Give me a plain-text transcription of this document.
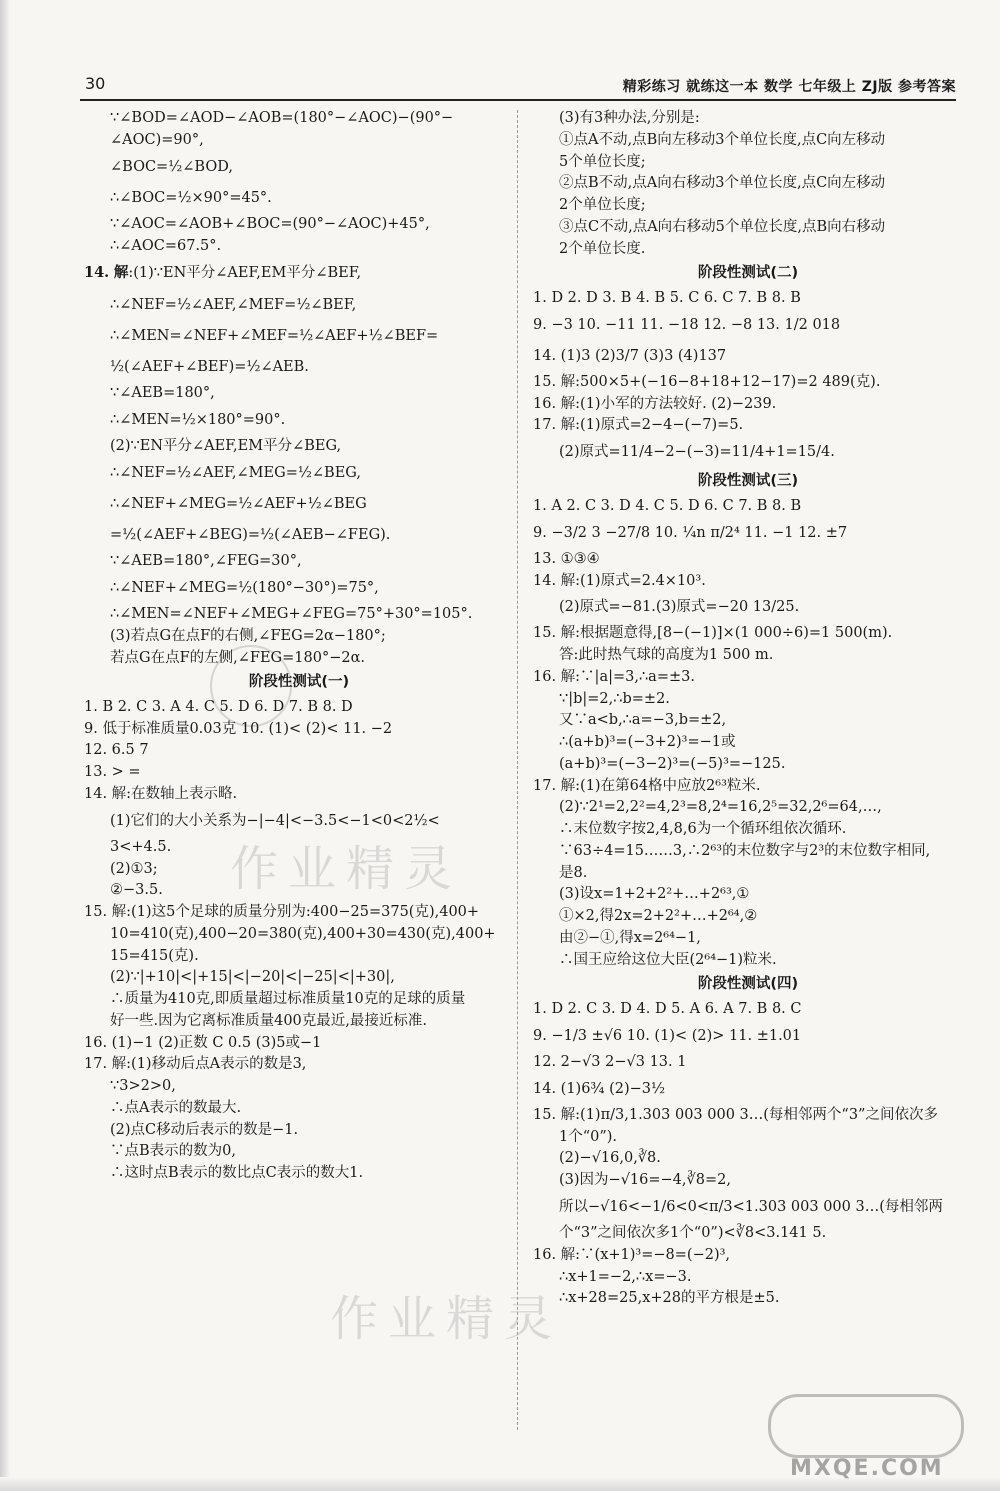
30	精彩练习 就练这一本 数学 七年级上 ZJ版 参考答案
作业精灵
作业精灵

∵∠BOD=∠AOD−∠AOB=(180°−∠AOC)−(90°−

∠AOC)=90°,

∠BOC=½∠BOD,

∴∠BOC=½×90°=45°.

∵∠AOC=∠AOB+∠BOC=(90°−∠AOC)+45°,

∴∠AOC=67.5°.

14. 解:(1)∵EN平分∠AEF,EM平分∠BEF,

∴∠NEF=½∠AEF,∠MEF=½∠BEF,

∴∠MEN=∠NEF+∠MEF=½∠AEF+½∠BEF=

½(∠AEF+∠BEF)=½∠AEB.

∵∠AEB=180°,

∴∠MEN=½×180°=90°.

(2)∵EN平分∠AEF,EM平分∠BEG,

∴∠NEF=½∠AEF,∠MEG=½∠BEG,

∴∠NEF+∠MEG=½∠AEF+½∠BEG

=½(∠AEF+∠BEG)=½(∠AEB−∠FEG).

∵∠AEB=180°,∠FEG=30°,

∴∠NEF+∠MEG=½(180°−30°)=75°,

∴∠MEN=∠NEF+∠MEG+∠FEG=75°+30°=105°.

(3)若点G在点F的右侧,∠FEG=2α−180°;

若点G在点F的左侧,∠FEG=180°−2α.

阶段性测试(一)

1. B 2. C 3. A 4. C 5. D 6. D 7. B 8. D

9. 低于标准质量0.03克 10. (1)< (2)< 11. −2

12. 6.5 7

13. > =

14. 解:在数轴上表示略.

(1)它们的大小关系为−|−4|<−3.5<−1<0<2½<

3<+4.5.

(2)①3;

②−3.5.

15. 解:(1)这5个足球的质量分别为:400−25=375(克),400+

10=410(克),400−20=380(克),400+30=430(克),400+

15=415(克).

(2)∵|+10|<|+15|<|−20|<|−25|<|+30|,

∴质量为410克,即质量超过标准质量10克的足球的质量

好一些.因为它离标准质量400克最近,最接近标准.

16. (1)−1 (2)正数 C 0.5 (3)5或−1

17. 解:(1)移动后点A表示的数是3,

∵3>2>0,

∴点A表示的数最大.

(2)点C移动后表示的数是−1.

∵点B表示的数为0,

∴这时点B表示的数比点C表示的数大1.

(3)有3种办法,分别是:

①点A不动,点B向左移动3个单位长度,点C向左移动

5个单位长度;

②点B不动,点A向右移动3个单位长度,点C向左移动

2个单位长度;

③点C不动,点A向右移动5个单位长度,点B向右移动

2个单位长度.

阶段性测试(二)

1. D 2. D 3. B 4. B 5. C 6. C 7. B 8. B

9. −3 10. −11 11. −18 12. −8 13. 1/2 018

14. (1)3 (2)3/7 (3)3 (4)137

15. 解:500×5+(−16−8+18+12−17)=2 489(克).

16. 解:(1)小军的方法较好. (2)−239.

17. 解:(1)原式=2−4−(−7)=5.

(2)原式=11/4−2−(−3)=11/4+1=15/4.

阶段性测试(三)

1. A 2. C 3. D 4. C 5. D 6. C 7. B 8. B

9. −3/2 3 −27/8 10. ¼n π/2⁴ 11. −1 12. ±7

13. ①③④

14. 解:(1)原式=2.4×10³.

(2)原式=−81.(3)原式=−20 13/25.

15. 解:根据题意得,[8−(−1)]×(1 000÷6)=1 500(m).

答:此时热气球的高度为1 500 m.

16. 解:∵|a|=3,∴a=±3.

∵|b|=2,∴b=±2.

又∵a<b,∴a=−3,b=±2,

∴(a+b)³=(−3+2)³=−1或

(a+b)³=(−3−2)³=(−5)³=−125.

17. 解:(1)在第64格中应放2⁶³粒米.

(2)∵2¹=2,2²=4,2³=8,2⁴=16,2⁵=32,2⁶=64,…,

∴末位数字按2,4,8,6为一个循环组依次循环.

∵63÷4=15……3,∴2⁶³的末位数字与2³的末位数字相同,

是8.

(3)设x=1+2+2²+…+2⁶³,①

①×2,得2x=2+2²+…+2⁶⁴,②

由②−①,得x=2⁶⁴−1,

∴国王应给这位大臣(2⁶⁴−1)粒米.

阶段性测试(四)

1. D 2. C 3. D 4. D 5. A 6. A 7. B 8. C

9. −1/3 ±√6 10. (1)< (2)> 11. ±1.01

12. 2−√3 2−√3 13. 1

14. (1)6¾ (2)−3½

15. 解:(1)π/3,1.303 003 000 3…(每相邻两个“3”之间依次多

1个“0”).

(2)−√16,0,∛8.

(3)因为−√16=−4,∛8=2,

所以−√16<−1/6<0<π/3<1.303 003 000 3…(每相邻两

个“3”之间依次多1个“0”)<∛8<3.141 5.

16. 解:∵(x+1)³=−8=(−2)³,

∴x+1=−2,∴x=−3.

∴x+28=25,x+28的平方根是±5.

MXQE.COM
